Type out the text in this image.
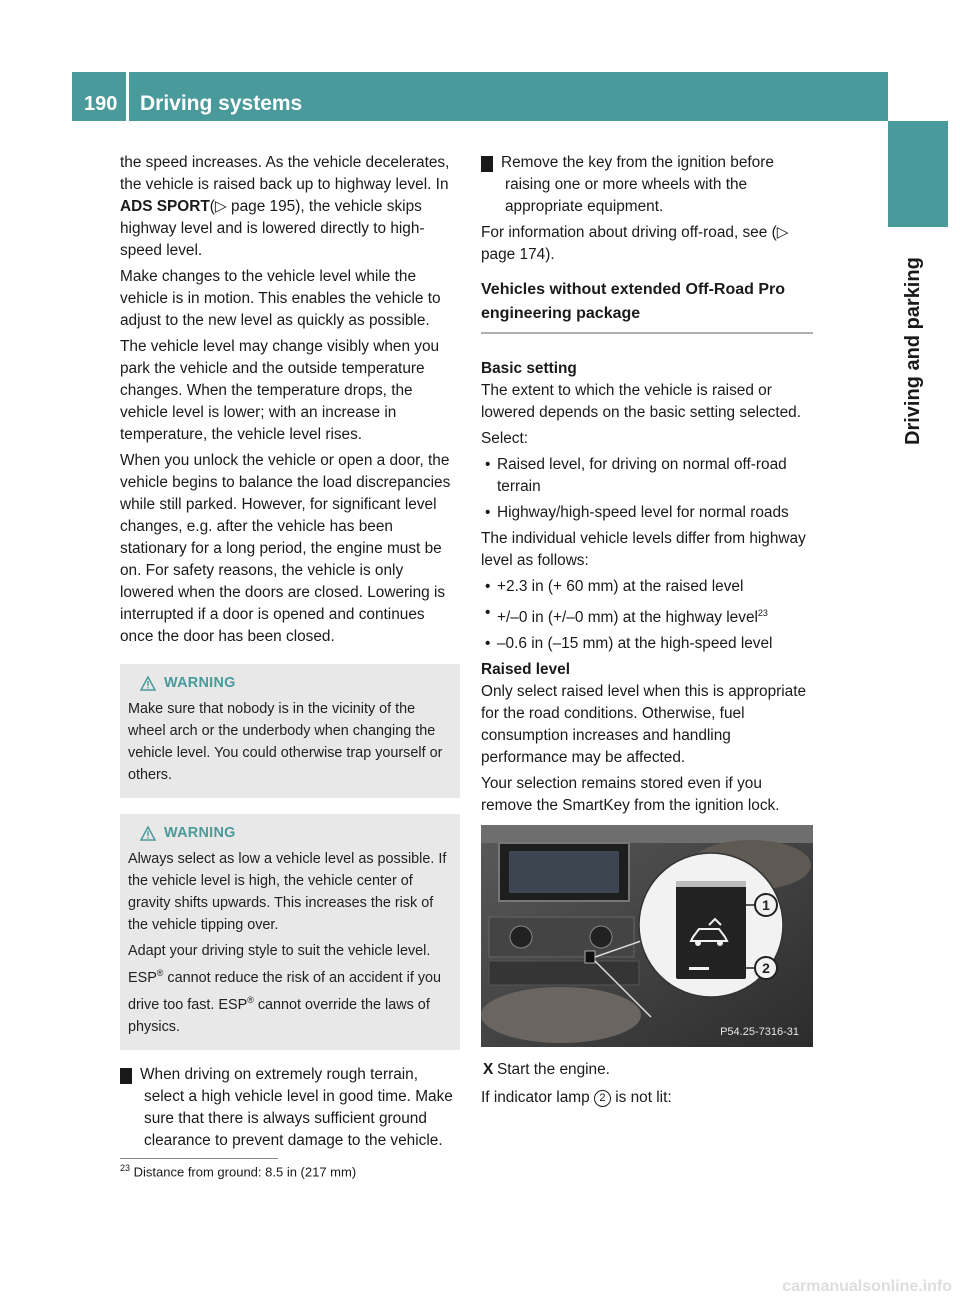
190	Driving systems
Driving and parking

the speed increases. As the vehicle decelerates, the vehicle is raised back up to highway level. In ADS SPORT(▷ page 195), the vehicle skips highway level and is lowered directly to high-speed level.

Make changes to the vehicle level while the vehicle is in motion. This enables the vehicle to adjust to the new level as quickly as possible.

The vehicle level may change visibly when you park the vehicle and the outside temperature changes. When the temperature drops, the vehicle level is lower; with an increase in temperature, the vehicle level rises.

When you unlock the vehicle or open a door, the vehicle begins to balance the load discrepancies while still parked. However, for significant level changes, e.g. after the vehicle has been stationary for a long period, the engine must be on. For safety reasons, the vehicle is only lowered when the doors are closed. Lowering is interrupted if a door is opened and continues once the door has been closed.

WARNING

Make sure that nobody is in the vicinity of the wheel arch or the underbody when changing the vehicle level. You could otherwise trap yourself or others.

WARNING

Always select as low a vehicle level as possible. If the vehicle level is high, the vehicle center of gravity shifts upwards. This increases the risk of the vehicle tipping over.

Adapt your driving style to suit the vehicle level. ESP® cannot reduce the risk of an accident if you drive too fast. ESP® cannot override the laws of physics.

! When driving on extremely rough terrain, select a high vehicle level in good time. Make sure that there is always sufficient ground clearance to prevent damage to the vehicle.

! Remove the key from the ignition before raising one or more wheels with the appropriate equipment.

For information about driving off-road, see (▷ page 174).

Vehicles without extended Off-Road Pro engineering package

Basic setting

The extent to which the vehicle is raised or lowered depends on the basic setting selected.

Select:

• Raised level, for driving on normal off-road terrain
• Highway/high-speed level for normal roads

The individual vehicle levels differ from highway level as follows:

• +2.3 in (+ 60 mm) at the raised level
• +/–0 in (+/–0 mm) at the highway level$^{23}$
• –0.6 in (–15 mm) at the high-speed level

Raised level

Only select raised level when this is appropriate for the road conditions. Otherwise, fuel consumption increases and handling performance may be affected.

Your selection remains stored even if you remove the SmartKey from the ignition lock.

1
2
P54.25-7316-31
X Start the engine.

If indicator lamp 2 is not lit:

$^{23}$ Distance from ground: 8.5 in (217 mm)
carmanualsonline.info
